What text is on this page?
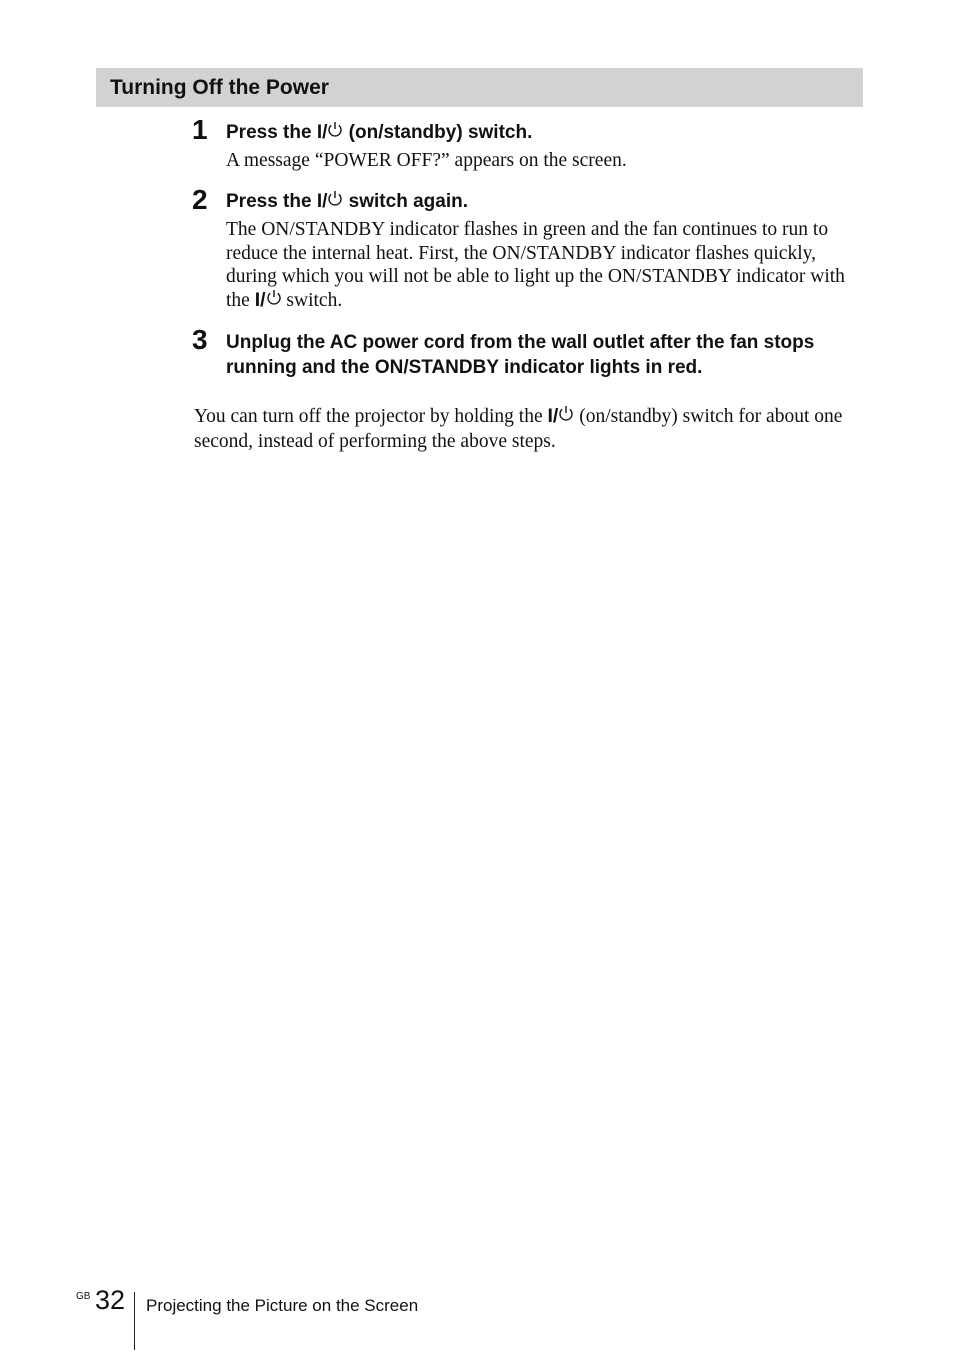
Turning Off the Power
1 Press the I/ (on/standby) switch.
A message “POWER OFF?” appears on the screen.
2 Press the I/ switch again.
The ON/STANDBY indicator flashes in green and the fan continues to run to reduce the internal heat. First, the ON/STANDBY indicator flashes quickly, during which you will not be able to light up the ON/STANDBY indicator with the I/ switch.
3 Unplug the AC power cord from the wall outlet after the fan stops running and the ON/STANDBY indicator lights in red.
You can turn off the projector by holding the I/ (on/standby) switch for about one second, instead of performing the above steps.
GB 32 Projecting the Picture on the Screen
